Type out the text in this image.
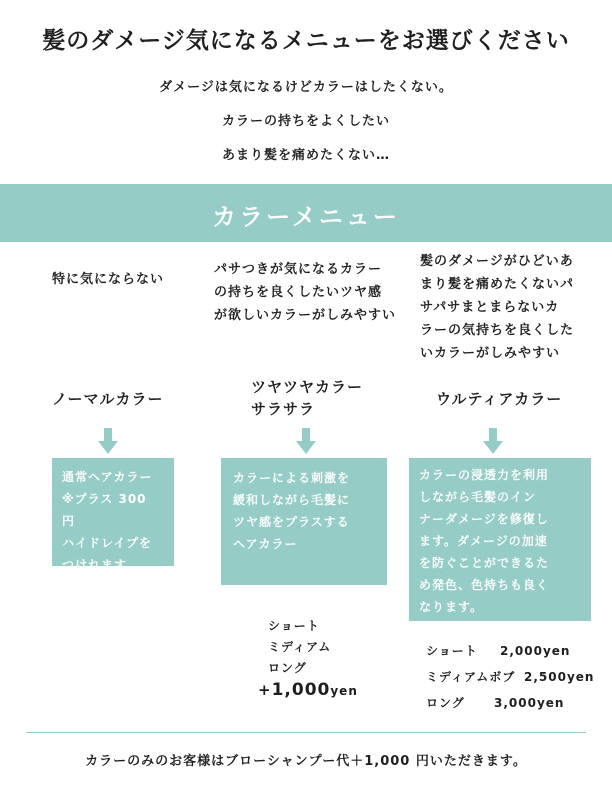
髪のダメージ気になるメニューをお選びください
ダメージは気になるけどカラーはしたくない。
カラーの持ちをよくしたい
あまり髪を痛めたくない…
カラーメニュー
特に気にならない
ノーマルカラー
通常ヘアカラー
※プラス 300 円
ハイドレイプを
つけれます
パサつきが気になるカラー
の持ちを良くしたいツヤ感
が欲しいカラーがしみやすい
ツヤツヤカラー
サラサラ
カラーによる刺激を
緩和しながら毛髪に
ツヤ感をプラスする
ヘアカラー
ショート
ミディアム
ロング
+1,000yen
髪のダメージがひどいあ
まり髪を痛めたくないパ
サパサまとまらないカ
ラーの気持ちを良くした
いカラーがしみやすい
ウルティアカラー
カラーの浸透力を利用
しながら毛髪のイン
ナーダメージを修復し
ます。ダメージの加速
を防ぐことができるた
め発色、色持ちも良く
なります。
ショート 2,000yen
ミディアムボブ 2,500yen
ロング 3,000yen
カラーのみのお客様はブローシャンプー代＋1,000 円いただきます。
